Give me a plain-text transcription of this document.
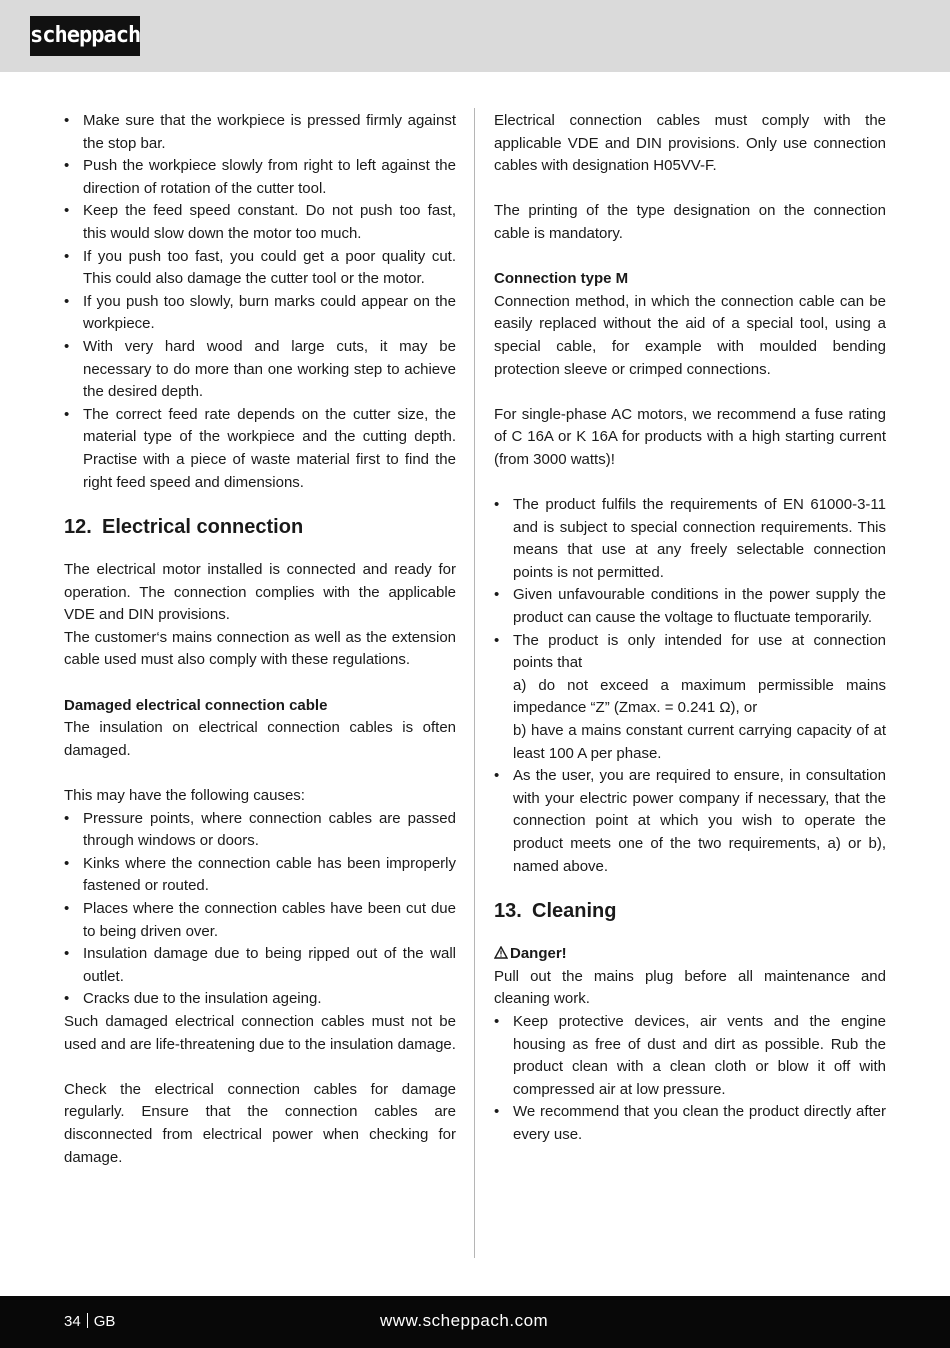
scheppach
• Make sure that the workpiece is pressed firmly against the stop bar.
• Push the workpiece slowly from right to left against the direction of rotation of the cutter tool.
• Keep the feed speed constant. Do not push too fast, this would slow down the motor too much.
• If you push too fast, you could get a poor quality cut. This could also damage the cutter tool or the motor.
• If you push too slowly, burn marks could appear on the workpiece.
• With very hard wood and large cuts, it may be necessary to do more than one working step to achieve the desired depth.
• The correct feed rate depends on the cutter size, the material type of the workpiece and the cutting depth. Practise with a piece of waste material first to find the right feed speed and dimensions.
12. Electrical connection

The electrical motor installed is connected and ready for operation. The connection complies with the applicable VDE and DIN provisions.

The customer‘s mains connection as well as the extension cable used must also comply with these regulations.

Damaged electrical connection cable

The insulation on electrical connection cables is often damaged.

This may have the following causes:

• Pressure points, where connection cables are passed through windows or doors.
• Kinks where the connection cable has been improperly fastened or routed.
• Places where the connection cables have been cut due to being driven over.
• Insulation damage due to being ripped out of the wall outlet.
• Cracks due to the insulation ageing.

Such damaged electrical connection cables must not be used and are life-threatening due to the insulation damage.

Check the electrical connection cables for damage regularly. Ensure that the connection cables are disconnected from electrical power when checking for damage.

Electrical connection cables must comply with the applicable VDE and DIN provisions. Only use connection cables with designation H05VV-F.

The printing of the type designation on the connection cable is mandatory.

Connection type M

Connection method, in which the connection cable can be easily replaced without the aid of a special tool, using a special cable, for example with moulded bending protection sleeve or crimped connections.

For single-phase AC motors, we recommend a fuse rating of C 16A or K 16A for products with a high starting current (from 3000 watts)!

• The product fulfils the requirements of EN 61000-3-11 and is subject to special connection requirements. This means that use at any freely selectable connection points is not permitted.
• Given unfavourable conditions in the power supply the product can cause the voltage to fluctuate temporarily.
• The product is only intended for use at connection points that
a) do not exceed a maximum permissible mains impedance “Z” (Zmax. = 0.241 Ω), or
b) have a mains constant current carrying capacity of at least 100 A per phase.
• As the user, you are required to ensure, in consultation with your electric power company if necessary, that the connection point at which you wish to operate the product meets one of the two requirements, a) or b), named above.
13. Cleaning

Danger!

Pull out the mains plug before all maintenance and cleaning work.

• Keep protective devices, air vents and the engine housing as free of dust and dirt as possible. Rub the product clean with a clean cloth or blow it off with compressed air at low pressure.
• We recommend that you clean the product directly after every use.
34 GB	www.scheppach.com
